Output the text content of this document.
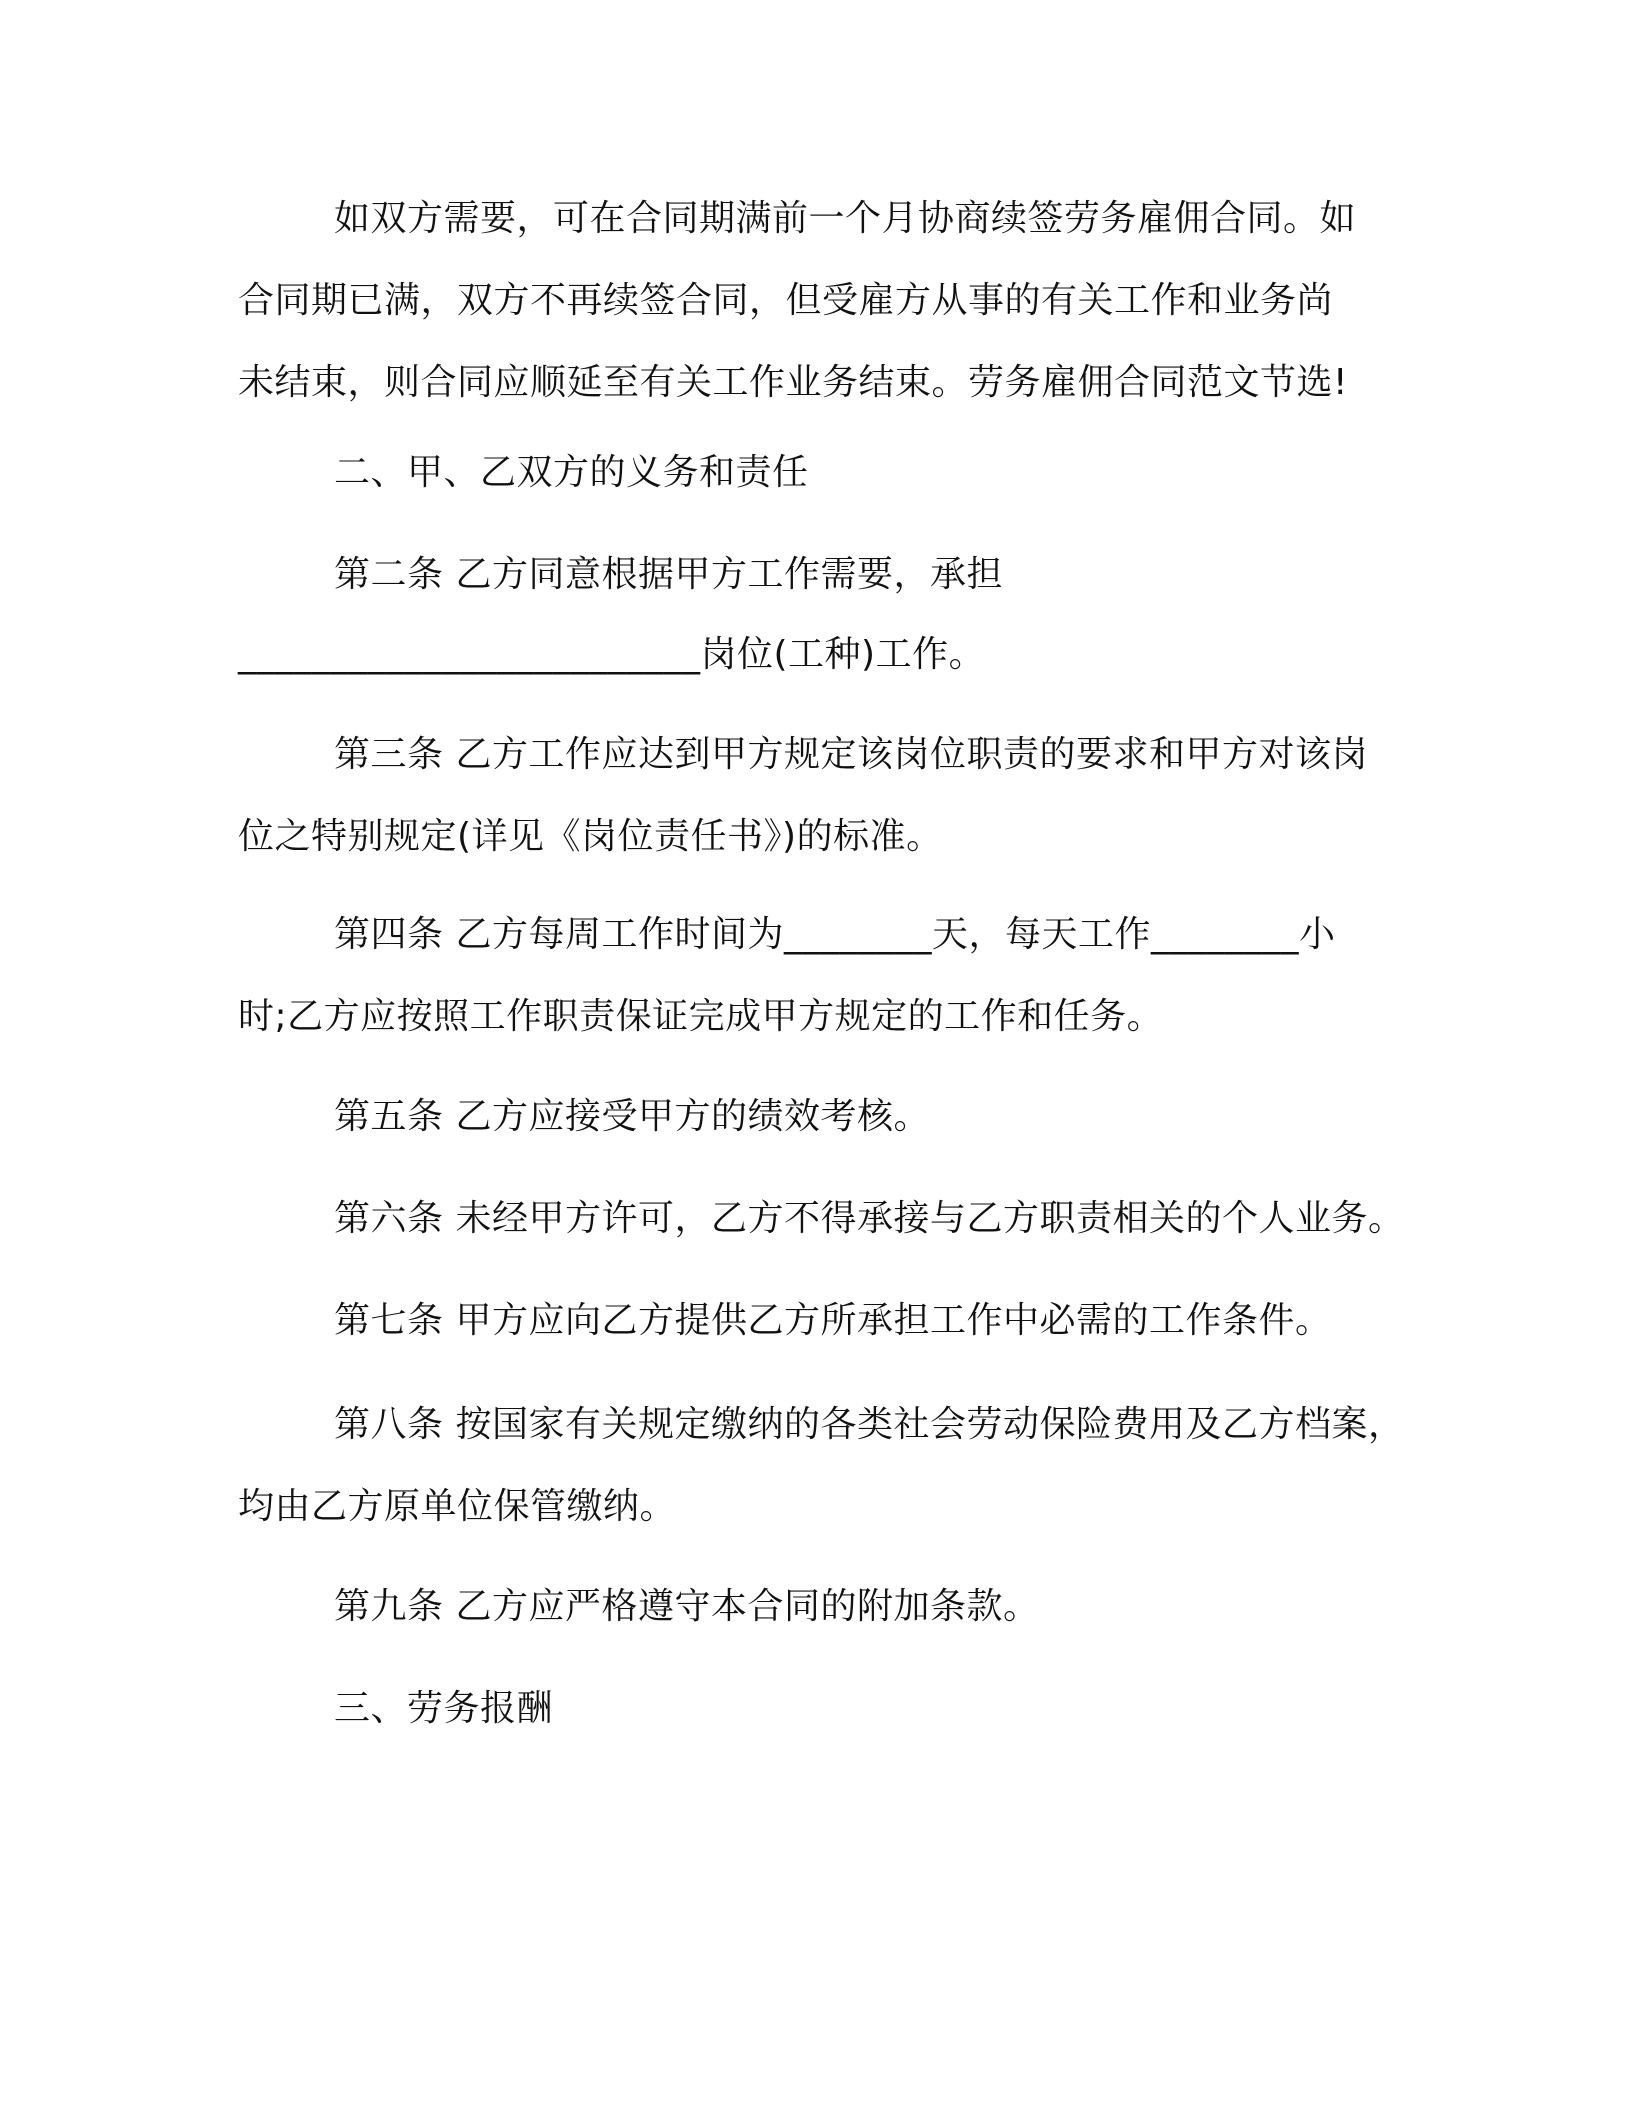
如双方需要，可在合同期满前一个月协商续签劳务雇佣合同。如
合同期已满，双方不再续签合同，但受雇方从事的有关工作和业务尚
未结束，则合同应顺延至有关工作业务结束。劳务雇佣合同范文节选!
二、甲、乙双方的义务和责任
第二条 乙方同意根据甲方工作需要，承担
_________________________岗位(工种)工作。
第三条 乙方工作应达到甲方规定该岗位职责的要求和甲方对该岗
位之特别规定(详见《岗位责任书》)的标准。
第四条 乙方每周工作时间为________天，每天工作________小
时;乙方应按照工作职责保证完成甲方规定的工作和任务。
第五条 乙方应接受甲方的绩效考核。
第六条 未经甲方许可，乙方不得承接与乙方职责相关的个人业务。
第七条 甲方应向乙方提供乙方所承担工作中必需的工作条件。
第八条 按国家有关规定缴纳的各类社会劳动保险费用及乙方档案，
均由乙方原单位保管缴纳。
第九条 乙方应严格遵守本合同的附加条款。
三、劳务报酬
